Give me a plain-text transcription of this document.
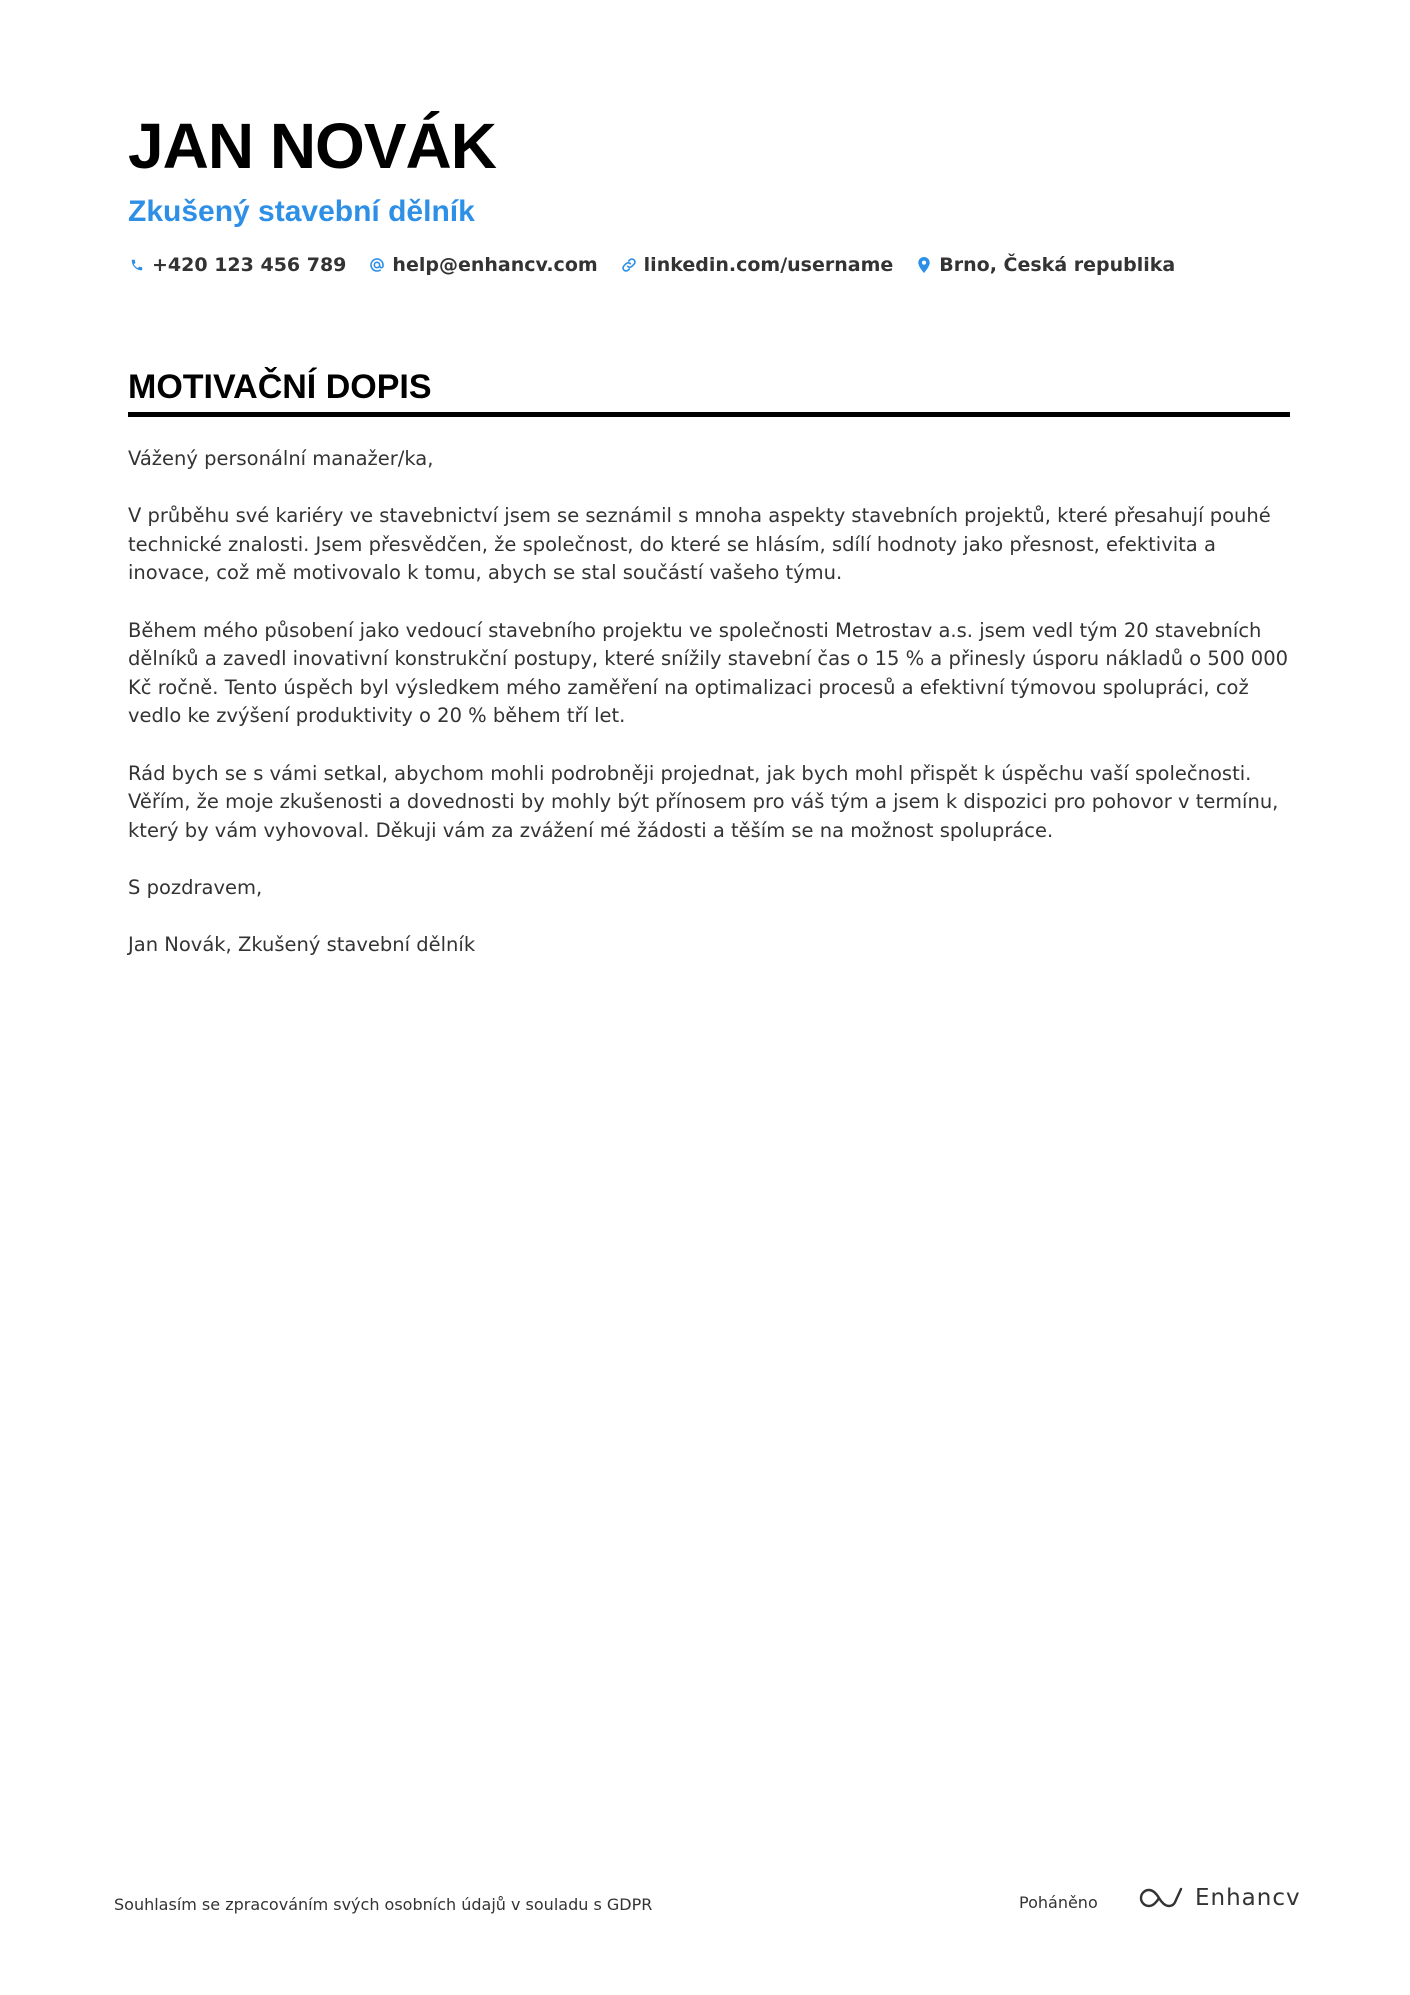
JAN NOVÁK
Zkušený stavební dělník
+420 123 456 789 help@enhancv.com linkedin.com/username Brno, Česká republika
MOTIVAČNÍ DOPIS

Vážený personální manažer/ka,

V průběhu své kariéry ve stavebnictví jsem se seznámil s mnoha aspekty stavebních projektů, které přesahují pouhé technické znalosti. Jsem přesvědčen, že společnost, do které se hlásím, sdílí hodnoty jako přesnost, efektivita a inovace, což mě motivovalo k tomu, abych se stal součástí vašeho týmu.

Během mého působení jako vedoucí stavebního projektu ve společnosti Metrostav a.s. jsem vedl tým 20 stavebních dělníků a zavedl inovativní konstrukční postupy, které snížily stavební čas o 15 % a přinesly úsporu nákladů o 500 000 Kč ročně. Tento úspěch byl výsledkem mého zaměření na optimalizaci procesů a efektivní týmovou spolupráci, což vedlo ke zvýšení produktivity o 20 % během tří let.

Rád bych se s vámi setkal, abychom mohli podrobněji projednat, jak bych mohl přispět k úspěchu vaší společnosti. Věřím, že moje zkušenosti a dovednosti by mohly být přínosem pro váš tým a jsem k dispozici pro pohovor v termínu, který by vám vyhovoval. Děkuji vám za zvážení mé žádosti a těším se na možnost spolupráce.

S pozdravem,

Jan Novák, Zkušený stavební dělník

Souhlasím se zpracováním svých osobních údajů v souladu s GDPR	Poháněno	Enhancv
